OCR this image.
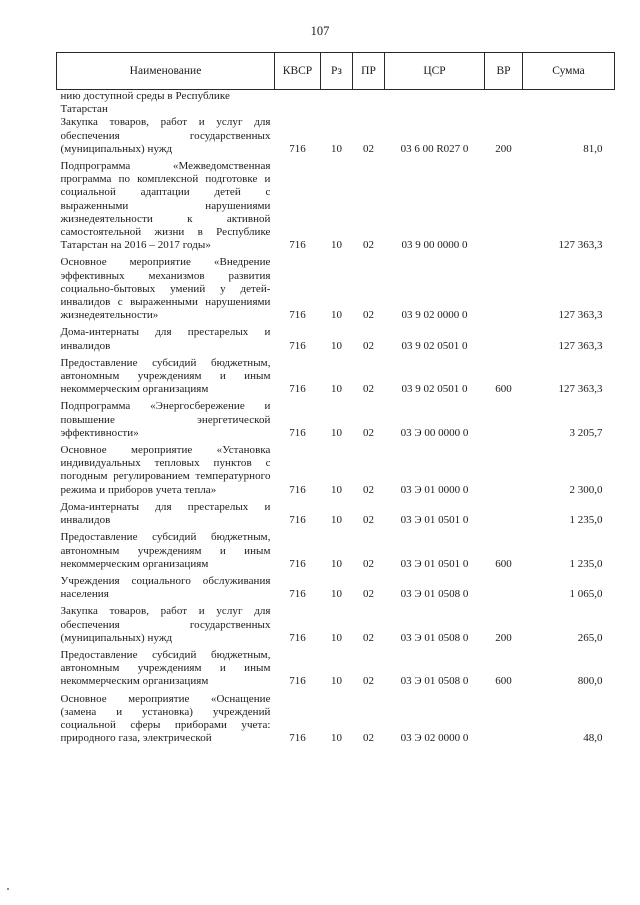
107
Наименование	КВСР	Рз	ПР	ЦСР	ВР	Сумма

нию доступной среды в Республике
Татарстан						

Закупка товаров, работ и услуг для обеспечения государственных (муниципальных) нужд	716	10	02	03 6 00 R027 0	200	81,0
Подпрограмма «Межведомственная программа по комплексной подготовке и социальной адаптации детей с выраженными нарушениями жизнедеятельности к активной самостоятельной жизни в Республике Татарстан на 2016 – 2017 годы»	716	10	02	03 9 00 0000 0		127 363,3
Основное мероприятие «Внедрение эффективных механизмов развития социально-бытовых умений у детей-инвалидов с выраженными нарушениями жизнедеятельности»	716	10	02	03 9 02 0000 0		127 363,3
Дома-интернаты для престарелых и инвалидов	716	10	02	03 9 02 0501 0		127 363,3
Предоставление субсидий бюджетным, автономным учреждениям и иным некоммерческим организациям	716	10	02	03 9 02 0501 0	600	127 363,3
Подпрограмма «Энергосбережение и повышение энергетической эффективности»	716	10	02	03 Э 00 0000 0		3 205,7
Основное мероприятие «Установка индивидуальных тепловых пунктов с погодным регулированием температурного режима и приборов учета тепла»	716	10	02	03 Э 01 0000 0		2 300,0
Дома-интернаты для престарелых и инвалидов	716	10	02	03 Э 01 0501 0		1 235,0
Предоставление субсидий бюджетным, автономным учреждениям и иным некоммерческим организациям	716	10	02	03 Э 01 0501 0	600	1 235,0
Учреждения социального обслуживания населения	716	10	02	03 Э 01 0508 0		1 065,0
Закупка товаров, работ и услуг для обеспечения государственных (муниципальных) нужд	716	10	02	03 Э 01 0508 0	200	265,0
Предоставление субсидий бюджетным, автономным учреждениям и иным некоммерческим организациям	716	10	02	03 Э 01 0508 0	600	800,0
Основное мероприятие «Оснащение (замена и установка) учреждений социальной сферы приборами учета: природного газа, электрической	716	10	02	03 Э 02 0000 0		48,0
